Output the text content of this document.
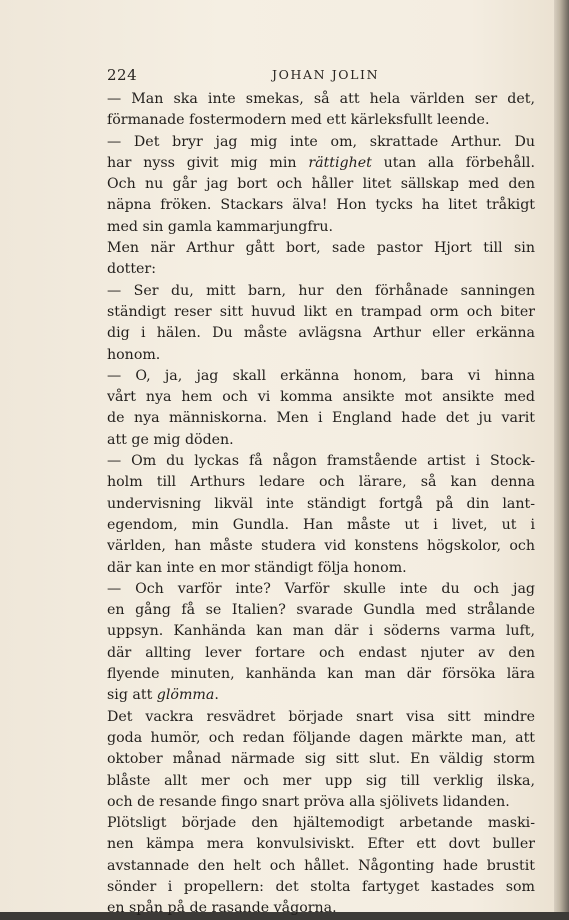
224	JOHAN JOLIN
— Man ska inte smekas, så att hela världen ser det,
förmanade fostermodern med ett kärleksfullt leende.
— Det bryr jag mig inte om, skrattade Arthur. Du
har nyss givit mig min rättighet utan alla förbehåll.
Och nu går jag bort och håller litet sällskap med den
näpna fröken. Stackars älva! Hon tycks ha litet tråkigt
med sin gamla kammarjungfru.
Men när Arthur gått bort, sade pastor Hjort till sin
dotter:
— Ser du, mitt barn, hur den förhånade sanningen
ständigt reser sitt huvud likt en trampad orm och biter
dig i hälen. Du måste avlägsna Arthur eller erkänna
honom.
— O, ja, jag skall erkänna honom, bara vi hinna
vårt nya hem och vi komma ansikte mot ansikte med
de nya människorna. Men i England hade det ju varit
att ge mig döden.
— Om du lyckas få någon framstående artist i Stock-
holm till Arthurs ledare och lärare, så kan denna
undervisning likväl inte ständigt fortgå på din lant-
egendom, min Gundla. Han måste ut i livet, ut i
världen, han måste studera vid konstens högskolor, och
där kan inte en mor ständigt följa honom.
— Och varför inte? Varför skulle inte du och jag
en gång få se Italien? svarade Gundla med strålande
uppsyn. Kanhända kan man där i söderns varma luft,
där allting lever fortare och endast njuter av den
flyende minuten, kanhända kan man där försöka lära
sig att glömma.
Det vackra resvädret började snart visa sitt mindre
goda humör, och redan följande dagen märkte man, att
oktober månad närmade sig sitt slut. En väldig storm
blåste allt mer och mer upp sig till verklig ilska,
och de resande fingo snart pröva alla sjölivets lidanden.
Plötsligt började den hjältemodigt arbetande maski-
nen kämpa mera konvulsiviskt. Efter ett dovt buller
avstannade den helt och hållet. Någonting hade brustit
sönder i propellern: det stolta fartyget kastades som
en spån på de rasande vågorna.
